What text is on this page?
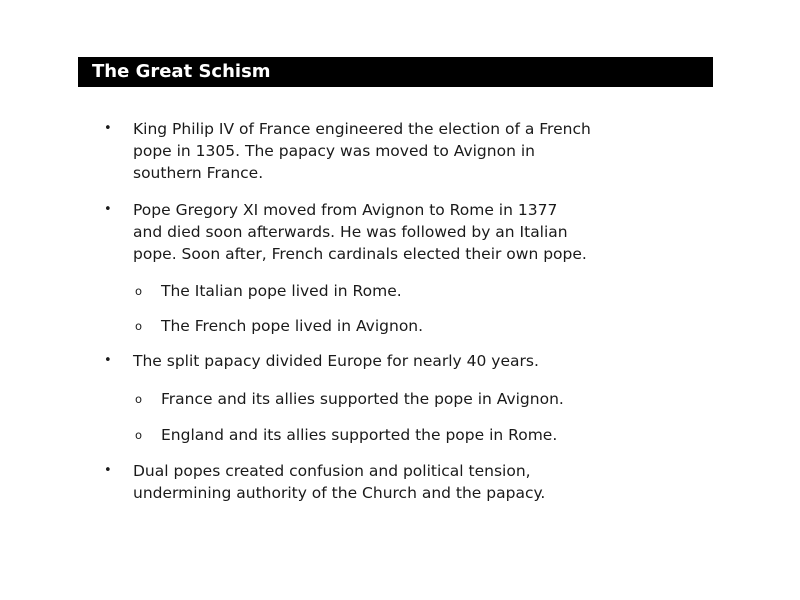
The Great Schism
• King Philip IV of France engineered the election of a French
pope in 1305. The papacy was moved to Avignon in
southern France.
• Pope Gregory XI moved from Avignon to Rome in 1377
and died soon afterwards. He was followed by an Italian
pope. Soon after, French cardinals elected their own pope.
o The Italian pope lived in Rome.
o The French pope lived in Avignon.
• The split papacy divided Europe for nearly 40 years.
o France and its allies supported the pope in Avignon.
o England and its allies supported the pope in Rome.
• Dual popes created confusion and political tension,
undermining authority of the Church and the papacy.
